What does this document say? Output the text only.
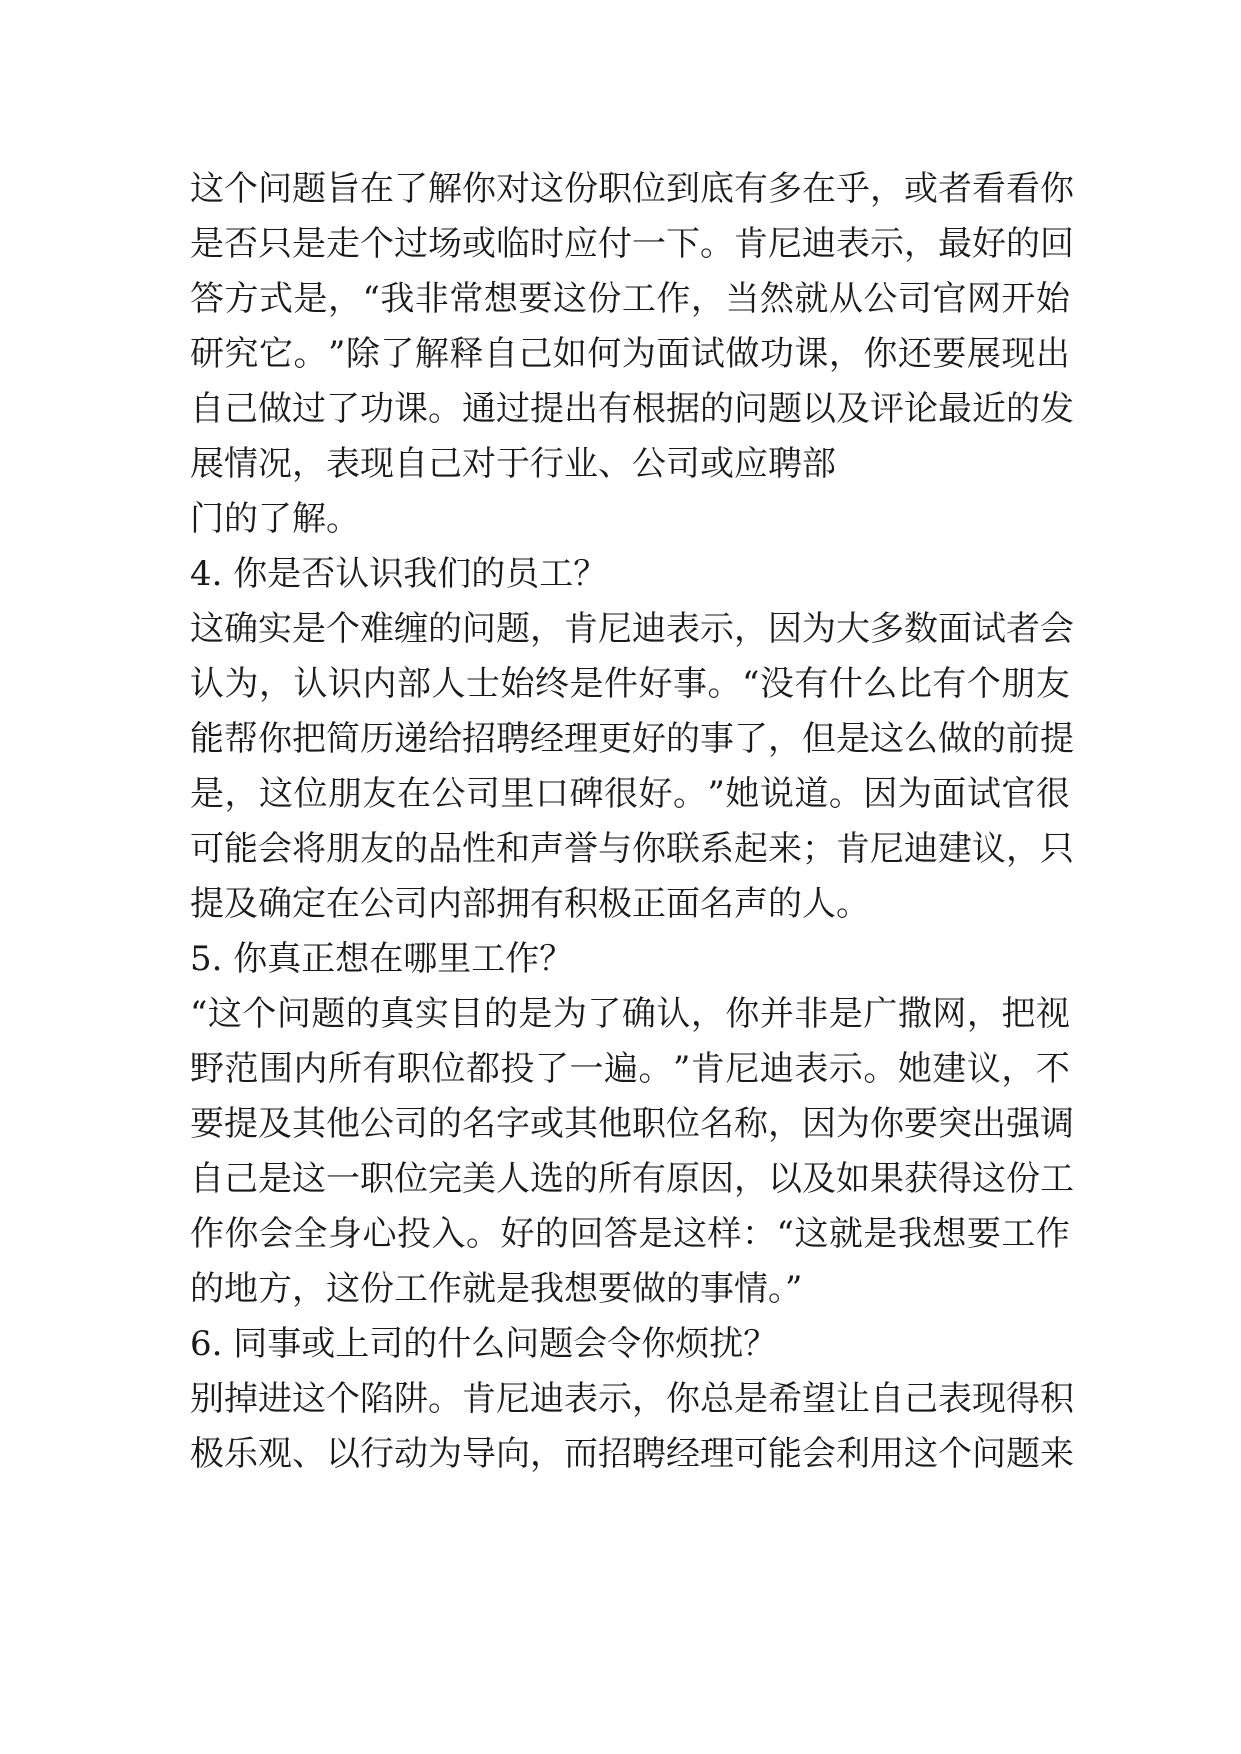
这 个 问 题 旨 在 了 解 你 对 这 份 职 位 到 底 有 多 在 乎 ， 或 者 看 看 你
是 否 只 是 走 个 过 场 或 临 时 应 付 一 下 。 肯 尼 迪 表 示 ， 最 好 的 回
答 方 式 是 ， “ 我 非 常 想 要 这 份 工 作 ， 当 然 就 从 公 司 官 网 开 始
研 究 它 。 ” 除 了 解 释 自 己 如 何 为 面 试 做 功 课 ， 你 还 要 展 现 出
自 己 做 过 了 功 课 。 通 过 提 出 有 根 据 的 问 题 以 及 评 论 最 近 的 发
展情况，表现自己对于行业、公司或应聘部
门的了解。
4. 你是否认识我们的员工？
这 确 实 是 个 难 缠 的 问 题 ， 肯 尼 迪 表 示 ， 因 为 大 多 数 面 试 者 会
认 为 ， 认 识 内 部 人 士 始 终 是 件 好 事 。 “ 没 有 什 么 比 有 个 朋 友
能 帮 你 把 简 历 递 给 招 聘 经 理 更 好 的 事 了 ， 但 是 这 么 做 的 前 提
是 ， 这 位 朋 友 在 公 司 里 口 碑 很 好 。 ” 她 说 道 。 因 为 面 试 官 很
可 能 会 将 朋 友 的 品 性 和 声 誉 与 你 联 系 起 来 ； 肯 尼 迪 建 议 ， 只
提及确定在公司内部拥有积极正面名声的人。
5. 你真正想在哪里工作？
“ 这 个 问 题 的 真 实 目 的 是 为 了 确 认 ， 你 并 非 是 广 撒 网 ， 把 视
野 范 围 内 所 有 职 位 都 投 了 一 遍 。 ” 肯 尼 迪 表 示 。 她 建 议 ， 不
要 提 及 其 他 公 司 的 名 字 或 其 他 职 位 名 称 ， 因 为 你 要 突 出 强 调
自 己 是 这 一 职 位 完 美 人 选 的 所 有 原 因 ， 以 及 如 果 获 得 这 份 工
作 你 会 全 身 心 投 入 。 好 的 回 答 是 这 样 ： “ 这 就 是 我 想 要 工 作
的地方，这份工作就是我想要做的事情。”
6. 同事或上司的什么问题会令你烦扰？
别 掉 进 这 个 陷 阱 。 肯 尼 迪 表 示 ， 你 总 是 希 望 让 自 己 表 现 得 积
极 乐 观 、 以 行 动 为 导 向 ， 而 招 聘 经 理 可 能 会 利 用 这 个 问 题 来
